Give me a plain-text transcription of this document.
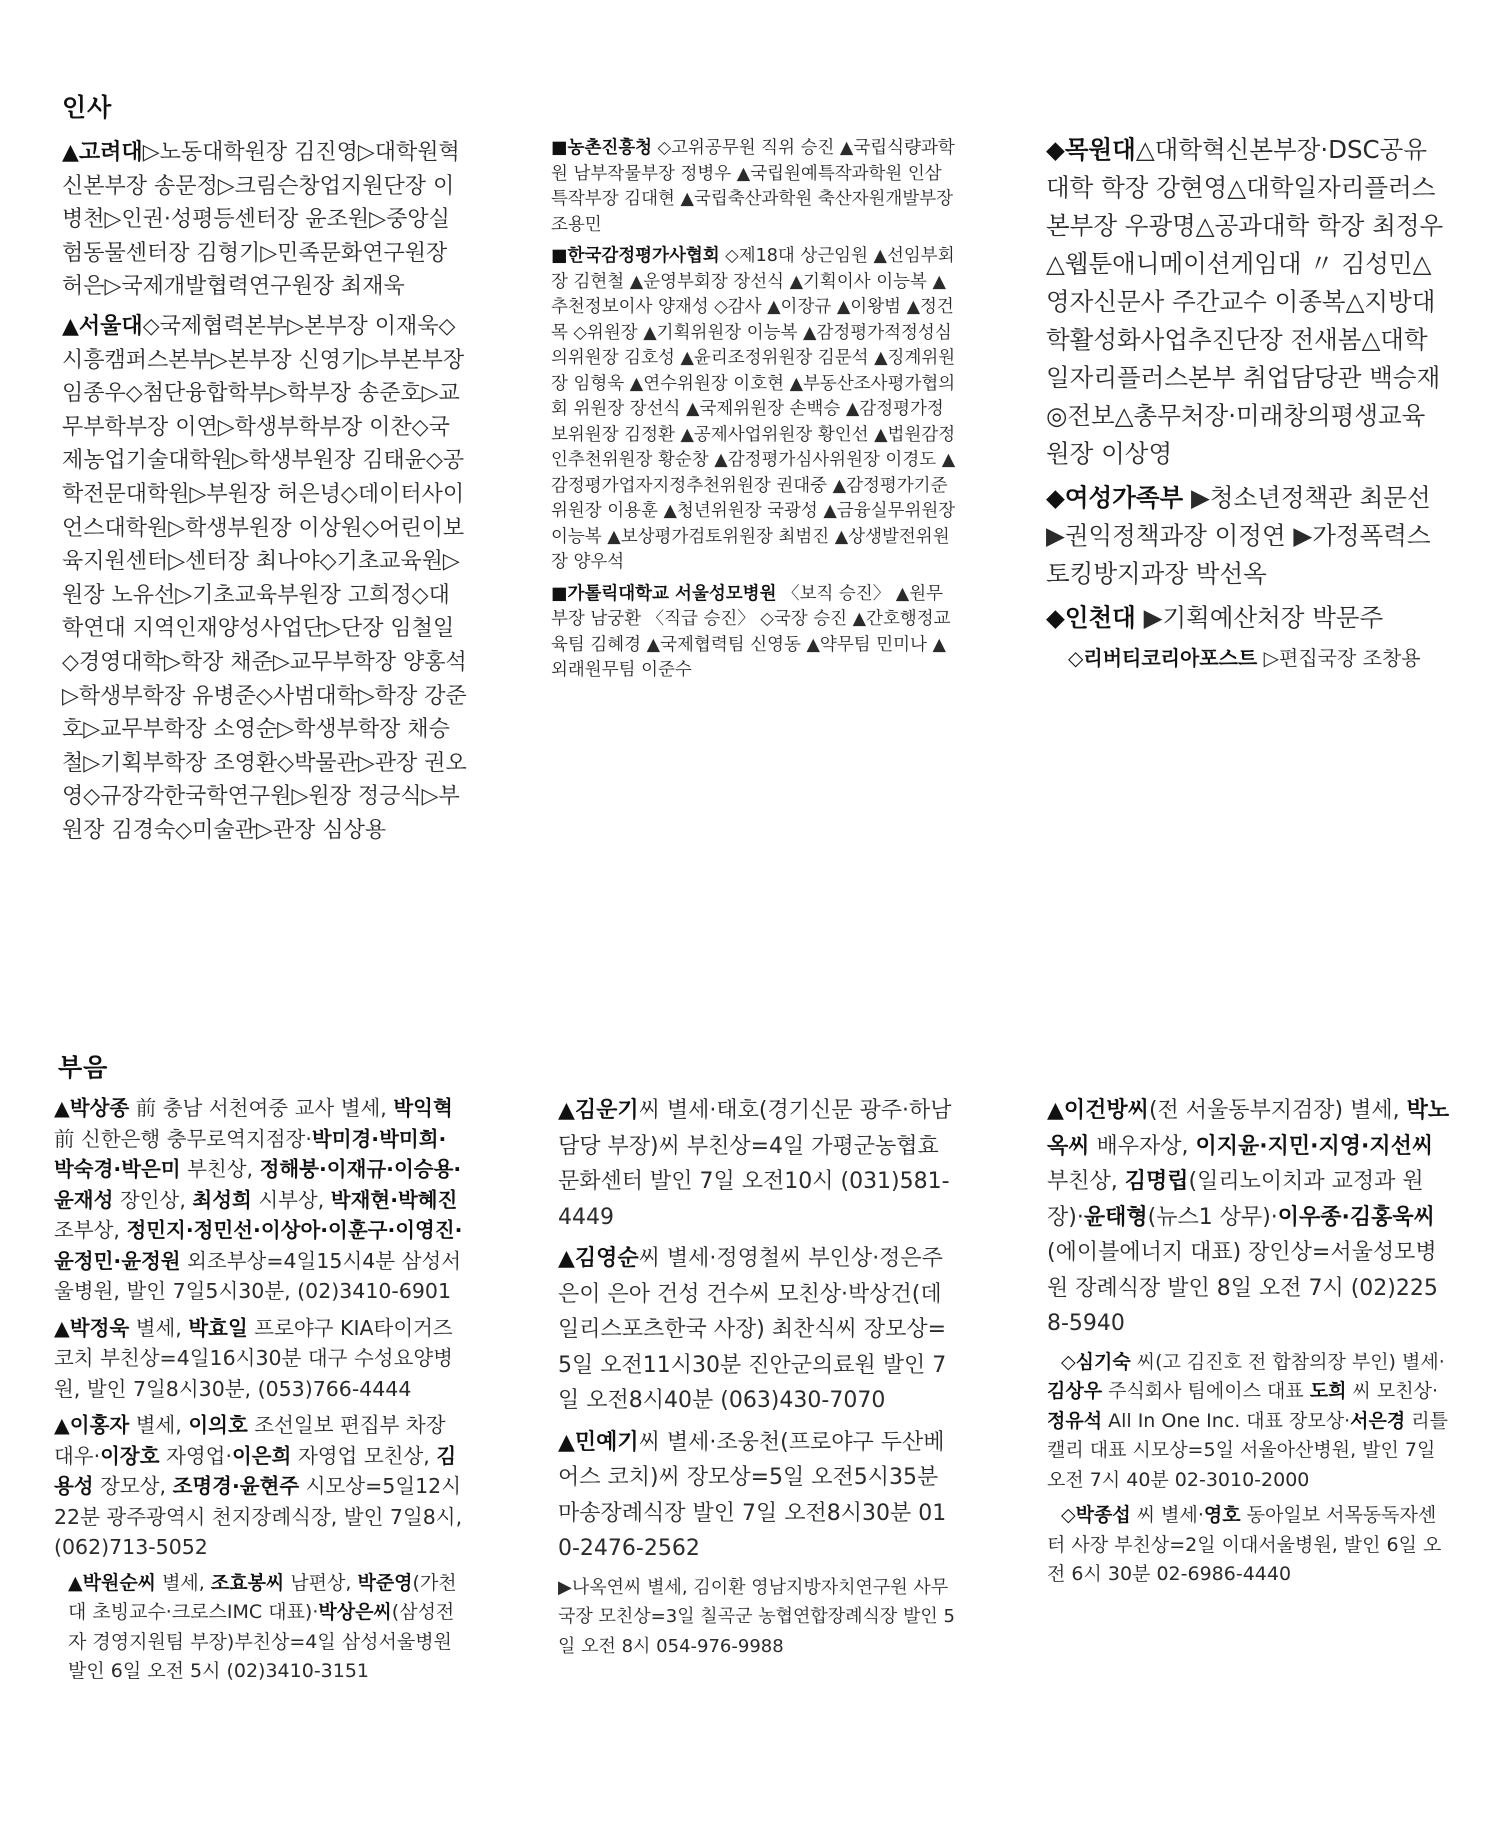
인사
부음

▲고려대▷노동대학원장 김진영▷대학원혁신본부장 송문정▷크림슨창업지원단장 이병천▷인권·성평등센터장 윤조원▷중앙실험동물센터장 김형기▷민족문화연구원장 허은▷국제개발협력연구원장 최재욱

▲서울대◇국제협력본부▷본부장 이재욱◇시흥캠퍼스본부▷본부장 신영기▷부본부장 임종우◇첨단융합학부▷학부장 송준호▷교무부학부장 이연▷학생부학부장 이찬◇국제농업기술대학원▷학생부원장 김태윤◇공학전문대학원▷부원장 허은녕◇데이터사이언스대학원▷학생부원장 이상원◇어린이보육지원센터▷센터장 최나야◇기초교육원▷원장 노유선▷기초교육부원장 고희정◇대학연대 지역인재양성사업단▷단장 임철일◇경영대학▷학장 채준▷교무부학장 양홍석▷학생부학장 유병준◇사범대학▷학장 강준호▷교무부학장 소영순▷학생부학장 채승철▷기획부학장 조영환◇박물관▷관장 권오영◇규장각한국학연구원▷원장 정긍식▷부원장 김경숙◇미술관▷관장 심상용

■농촌진흥청 ◇고위공무원 직위 승진 ▲국립식량과학원 남부작물부장 정병우 ▲국립원예특작과학원 인삼특작부장 김대현 ▲국립축산과학원 축산자원개발부장 조용민

■한국감정평가사협회 ◇제18대 상근임원 ▲선임부회장 김현철 ▲운영부회장 장선식 ▲기획이사 이능복 ▲추천정보이사 양재성 ◇감사 ▲이장규 ▲이왕범 ▲정건목 ◇위원장 ▲기획위원장 이능복 ▲감정평가적정성심의위원장 김호성 ▲윤리조정위원장 김문석 ▲징계위원장 임형욱 ▲연수위원장 이호현 ▲부동산조사평가협의회 위원장 장선식 ▲국제위원장 손백승 ▲감정평가정보위원장 김정환 ▲공제사업위원장 황인선 ▲법원감정인추천위원장 황순창 ▲감정평가심사위원장 이경도 ▲감정평가업자지정추천위원장 권대중 ▲감정평가기준위원장 이용훈 ▲청년위원장 국광성 ▲금융실무위원장 이능복 ▲보상평가검토위원장 최범진 ▲상생발전위원장 양우석

■가톨릭대학교 서울성모병원 〈보직 승진〉 ▲원무부장 남궁환 〈직급 승진〉 ◇국장 승진 ▲간호행정교육팀 김혜경 ▲국제협력팀 신영동 ▲약무팀 민미나 ▲외래원무팀 이준수

◆목원대△대학혁신본부장·DSC공유대학 학장 강현영△대학일자리플러스본부장 우광명△공과대학 학장 최정우△웹툰애니메이션게임대 〃 김성민△영자신문사 주간교수 이종복△지방대학활성화사업추진단장 전새봄△대학일자리플러스본부 취업담당관 백승재◎전보△총무처장·미래창의평생교육원장 이상영

◆여성가족부 ▶청소년정책관 최문선 ▶권익정책과장 이정연 ▶가정폭력스토킹방지과장 박선옥

◆인천대 ▶기획예산처장 박문주

◇리버티코리아포스트 ▷편집국장 조창용

▲박상종 前 충남 서천여중 교사 별세, 박익혁 前 신한은행 충무로역지점장·박미경·박미희·박숙경·박은미 부친상, 정해붕·이재규·이승용·윤재성 장인상, 최성희 시부상, 박재현·박혜진 조부상, 정민지·정민선·이상아·이훈구·이영진·윤정민·윤정원 외조부상=4일15시4분 삼성서울병원, 발인 7일5시30분, (02)3410-6901

▲박정욱 별세, 박효일 프로야구 KIA타이거즈 코치 부친상=4일16시30분 대구 수성요양병원, 발인 7일8시30분, (053)766-4444

▲이홍자 별세, 이의호 조선일보 편집부 차장대우·이장호 자영업·이은희 자영업 모친상, 김용성 장모상, 조명경·윤현주 시모상=5일12시22분 광주광역시 천지장례식장, 발인 7일8시, (062)713-5052

▲박원순씨 별세, 조효봉씨 남편상, 박준영(가천대 초빙교수·크로스IMC 대표)·박상은씨(삼성전자 경영지원팀 부장)부친상=4일 삼성서울병원 발인 6일 오전 5시 (02)3410-3151

▲김운기씨 별세·태호(경기신문 광주·하남 담당 부장)씨 부친상=4일 가평군농협효문화센터 발인 7일 오전10시 (031)581-4449

▲김영순씨 별세·정영철씨 부인상·정은주 은이 은아 건성 건수씨 모친상·박상건(데일리스포츠한국 사장) 최찬식씨 장모상=5일 오전11시30분 진안군의료원 발인 7일 오전8시40분 (063)430-7070

▲민예기씨 별세·조웅천(프로야구 두산베어스 코치)씨 장모상=5일 오전5시35분 마송장례식장 발인 7일 오전8시30분 010-2476-2562

▶나옥연씨 별세, 김이환 영남지방자치연구원 사무국장 모친상=3일 칠곡군 농협연합장례식장 발인 5일 오전 8시 054-976-9988

▲이건방씨(전 서울동부지검장) 별세, 박노옥씨 배우자상, 이지윤·지민·지영·지선씨 부친상, 김명립(일리노이치과 교정과 원장)·윤태형(뉴스1 상무)·이우종·김홍욱씨(에이블에너지 대표) 장인상=서울성모병원 장례식장 발인 8일 오전 7시 (02)2258-5940

◇심기숙 씨(고 김진호 전 합참의장 부인) 별세·김상우 주식회사 팀에이스 대표 도희 씨 모친상·정유석 All In One Inc. 대표 장모상·서은경 리틀캘리 대표 시모상=5일 서울아산병원, 발인 7일 오전 7시 40분 02-3010-2000

◇박종섭 씨 별세·영호 동아일보 서목동독자센터 사장 부친상=2일 이대서울병원, 발인 6일 오전 6시 30분 02-6986-4440
